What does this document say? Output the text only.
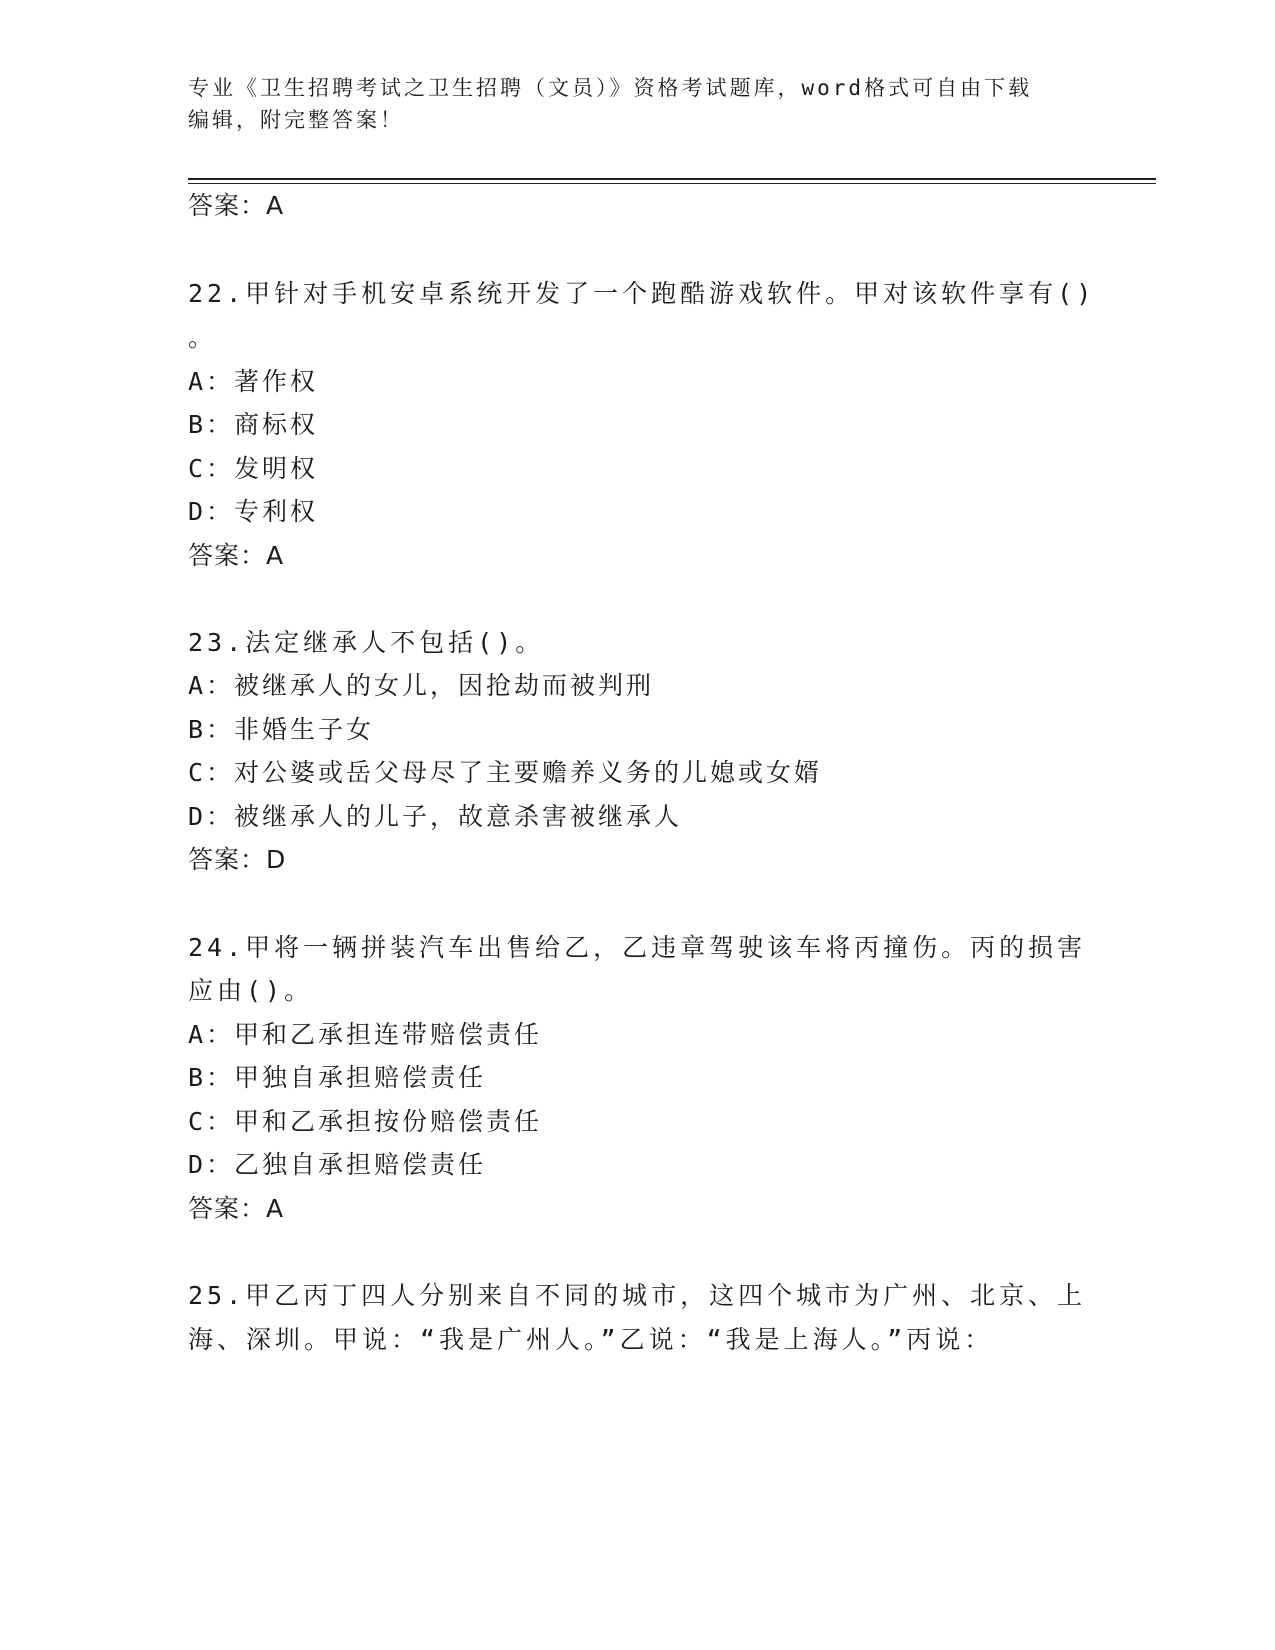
专业《卫生招聘考试之卫生招聘（文员）》资格考试题库，word格式可自由下载
编辑，附完整答案！
答案：A
22.甲针对手机安卓系统开发了一个跑酷游戏软件。甲对该软件享有()
。
A：著作权
B：商标权
C：发明权
D：专利权
答案：A
23.法定继承人不包括()。
A：被继承人的女儿，因抢劫而被判刑
B：非婚生子女
C：对公婆或岳父母尽了主要赡养义务的儿媳或女婿
D：被继承人的儿子，故意杀害被继承人
答案：D
24.甲将一辆拼装汽车出售给乙，乙违章驾驶该车将丙撞伤。丙的损害
应由()。
A：甲和乙承担连带赔偿责任
B：甲独自承担赔偿责任
C：甲和乙承担按份赔偿责任
D：乙独自承担赔偿责任
答案：A
25.甲乙丙丁四人分别来自不同的城市，这四个城市为广州、北京、上
海、深圳。甲说：“我是广州人。”乙说：“我是上海人。”丙说：
